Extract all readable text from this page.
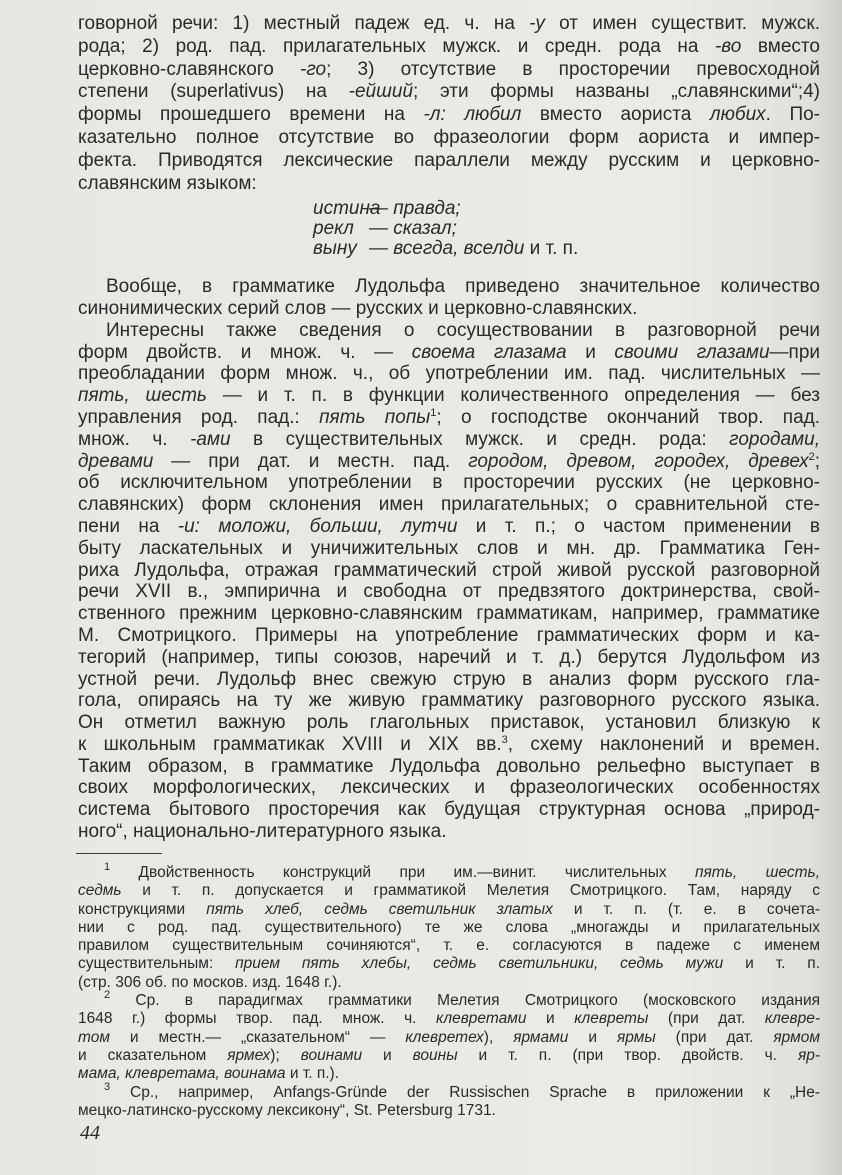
говорной речи: 1) местный падеж ед. ч. на -у от имен существит. мужск.
рода; 2) род. пад. прилагательных мужск. и средн. рода на -во вместо
церковно-славянского -го; 3) отсутствие в просторечии превосходной
степени (superlativus) на -ейший; эти формы названы „славянскими“;4)
формы прошедшего времени на -л: любил вместо аориста любих. По-
казательно полное отсутствие во фразеологии форм аориста и импер-
фекта. Приводятся лексические параллели между русским и церковно-
славянским языком:
истина— правда;
рекл — сказал;
выну — всегда, вселди и т. п.
Вообще, в грамматике Лудольфа приведено значительное количество
синонимических серий слов — русских и церковно-славянских.
Интересны также сведения о сосуществовании в разговорной речи
форм двойств. и множ. ч. — своема глазама и своими глазами—при
преобладании форм множ. ч., об употреблении им. пад. числительных —
пять, шесть — и т. п. в функции количественного определения — без
управления род. пад.: пять попы$^1$; о господстве окончаний твор. пад.
множ. ч. -ами в существительных мужск. и средн. рода: городами,
древами — при дат. и местн. пад. городом, древом, городех, древех$^2$;
об исключительном употреблении в просторечии русских (не церковно-
славянских) форм склонения имен прилагательных; о сравнительной сте-
пени на -и: моложи, больши, лутчи и т. п.; о частом применении в
быту ласкательных и уничижительных слов и мн. др. Грамматика Ген-
риха Лудольфа, отражая грамматический строй живой русской разговорной
речи XVII в., эмпирична и свободна от предвзятого доктринерства, свой-
ственного прежним церковно-славянским грамматикам, например, грамматике
М. Смотрицкого. Примеры на употребление грамматических форм и ка-
тегорий (например, типы союзов, наречий и т. д.) берутся Лудольфом из
устной речи. Лудольф внес свежую струю в анализ форм русского гла-
гола, опираясь на ту же живую грамматику разговорного русского языка.
Он отметил важную роль глагольных приставок, установил близкую к
к школьным грамматикак XVIII и XIX вв.$^3$, схему наклонений и времен.
Таким образом, в грамматике Лудольфа довольно рельефно выступает в
своих морфологических, лексических и фразеологических особенностях
система бытового просторечия как будущая структурная основа „природ-
ного“, национально-литературного языка.
$^1$ Двойственность конструкций при им.—винит. числительных пять, шесть,
седмь и т. п. допускается и грамматикой Мелетия Смотрицкого. Там, наряду с
конструкциями пять хлеб, седмь светильник златых и т. п. (т. е. в сочета-
нии с род. пад. существительного) те же слова „многажды и прилагательных
правилом существительным сочиняются“, т. е. согласуются в падеже с именем
существительным: прием пять хлебы, седмь светильники, седмь мужи и т. п.
(стр. 306 об. по москов. изд. 1648 г.).
$^2$ Ср. в парадигмах грамматики Мелетия Смотрицкого (московского издания
1648 г.) формы твор. пад. множ. ч. клевретами и клевреты (при дат. клевре-
том и местн.— „сказательном“ — клевретех), ярмами и ярмы (при дат. ярмом
и сказательном ярмех); воинами и воины и т. п. (при твор. двойств. ч. яр-
мама, клевретама, воинама и т. п.).
$^3$ Ср., например, Anfangs-Gründe der Russischen Sprache в приложении к „Не-
мецко-латинско-русскому лексикону“, St. Petersburg 1731.
44
